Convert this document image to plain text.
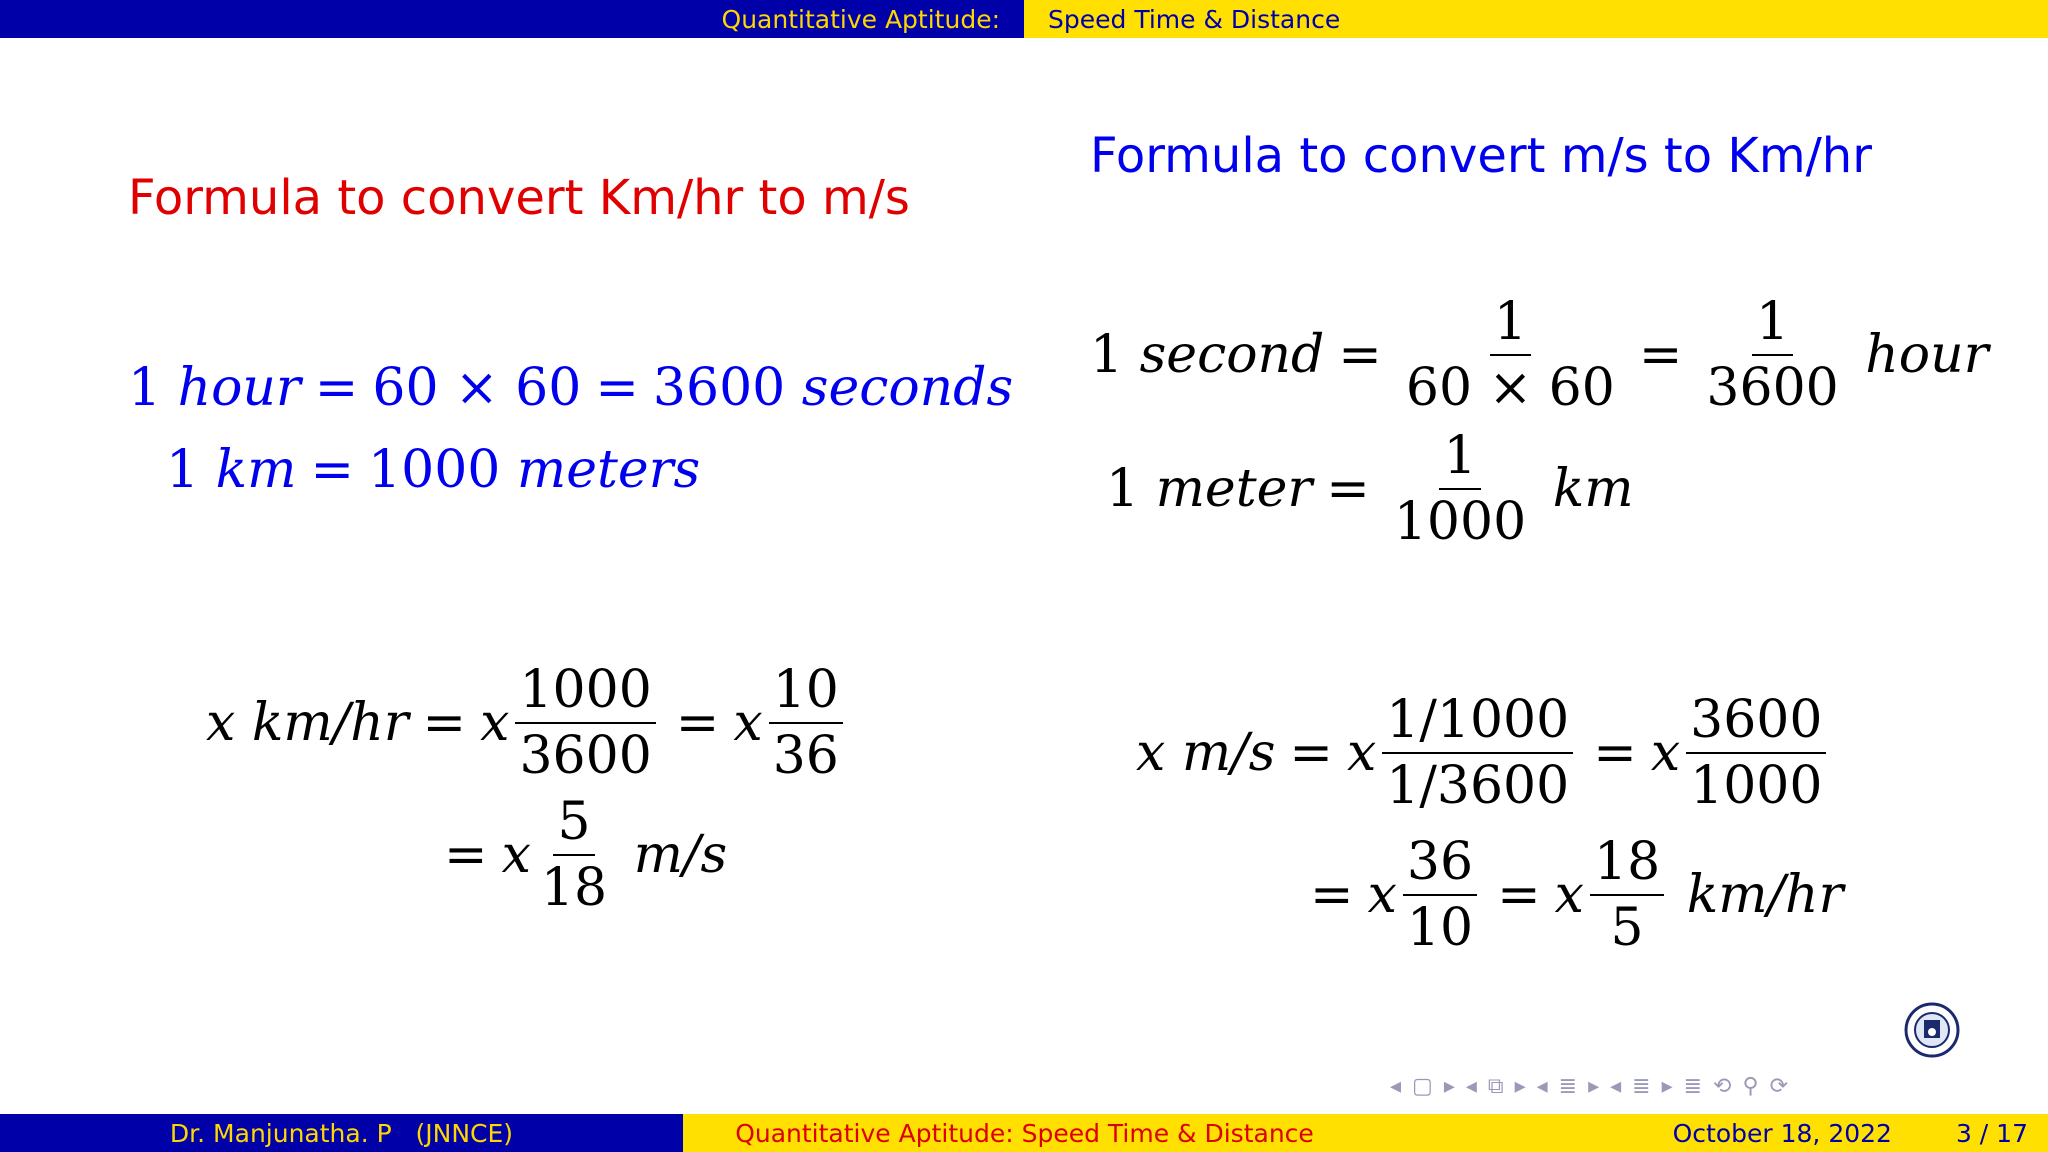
Quantitative Aptitude: Speed Time & Distance
Formula to convert Km/hr to m/s
1
hour = 60 × 60 = 3600
seconds
1
km = 1000
meters
x
km/hr = x $\frac{1000}{3600} = x \frac{10}{36}$
= x $\frac{5}{18}$
m/s
Formula to convert m/s to Km/hr
1
second = $\frac{1}{60 \times 60} = \frac{1}{3600}$
hour
1
meter = $\frac{1}{1000}$
km
x
m/s = x $\frac{1/1000}{1/3600} = x \frac{3600}{1000}$
= x $\frac{36}{10} = x \frac{18}{5}$
km/hr
◂ ▢ ▸ ◂ ⧉ ▸ ◂ ≣ ▸ ◂ ≣ ▸ ≣ ⟲ ⚲ ⟳
Dr. Manjunatha. P   (JNNCE)	Quantitative Aptitude: Speed Time & Distance	October 18, 2022	3 / 17
